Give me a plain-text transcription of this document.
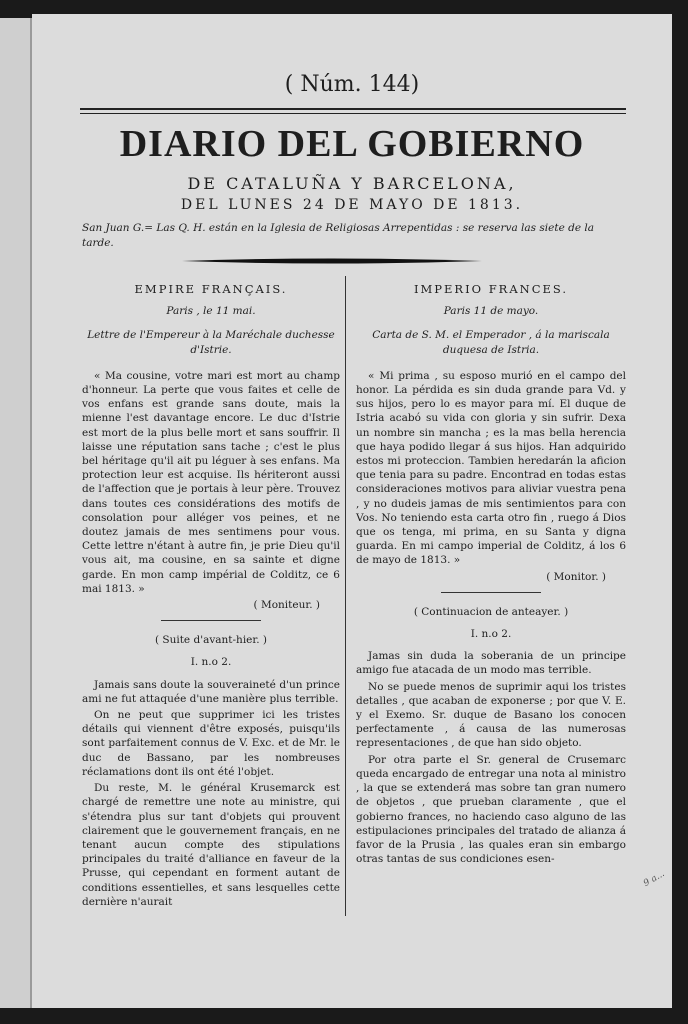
( Núm. 144)
DIARIO DEL GOBIERNO
DE CATALUÑA Y BARCELONA,
DEL LUNES 24 DE MAYO DE 1813.
San Juan G.= Las Q. H. están en la Iglesia de Religiosas Arrepentidas : se reserva las siete de la tarde.
EMPIRE FRANÇAIS.
Paris , le 11 mai.
Lettre de l'Empereur à la Maréchale duchesse d'Istrie.

« Ma cousine, votre mari est mort au champ d'honneur. La perte que vous faites et celle de vos enfans est grande sans doute, mais la mienne l'est davantage encore. Le duc d'Istrie est mort de la plus belle mort et sans souffrir. Il laisse une réputation sans tache ; c'est le plus bel héritage qu'il ait pu léguer à ses enfans. Ma protection leur est acquise. Ils hériteront aussi de l'affection que je portais à leur père. Trouvez dans toutes ces considérations des motifs de consolation pour alléger vos peines, et ne doutez jamais de mes sentimens pour vous. Cette lettre n'étant à autre fin, je prie Dieu qu'il vous ait, ma cousine, en sa sainte et digne garde. En mon camp impérial de Colditz, ce 6 mai 1813. »

( Moniteur. )
( Suite d'avant-hier. )
I. n.o 2.

Jamais sans doute la souveraineté d'un prince ami ne fut attaquée d'une manière plus terrible.

On ne peut que supprimer ici les tristes détails qui viennent d'être exposés, puisqu'ils sont parfaitement connus de V. Exc. et de Mr. le duc de Bassano, par les nombreuses réclamations dont ils ont été l'objet.

Du reste, M. le général Krusemarck est chargé de remettre une note au ministre, qui s'étendra plus sur tant d'objets qui prouvent clairement que le gouvernement français, en ne tenant aucun compte des stipulations principales du traité d'alliance en faveur de la Prusse, qui cependant en forment autant de conditions essentielles, et sans lesquelles cette dernière n'aurait

IMPERIO FRANCES.
Paris 11 de mayo.
Carta de S. M. el Emperador , á la mariscala duquesa de Istria.

« Mi prima , su esposo murió en el campo del honor. La pérdida es sin duda grande para Vd. y sus hijos, pero lo es mayor para mí. El duque de Istria acabó su vida con gloria y sin sufrir. Dexa un nombre sin mancha ; es la mas bella herencia que haya podido llegar á sus hijos. Han adquirido estos mi proteccion. Tambien heredarán la aficion que tenia para su padre. Encontrad en todas estas consideraciones motivos para aliviar vuestra pena , y no dudeis jamas de mis sentimientos para con Vos. No teniendo esta carta otro fin , ruego á Dios que os tenga, mi prima, en su Santa y digna guarda. En mi campo imperial de Colditz, á los 6 de mayo de 1813. »

( Monitor. )
( Continuacion de anteayer. )
I. n.o 2.

Jamas sin duda la soberania de un principe amigo fue atacada de un modo mas terrible.

No se puede menos de suprimir aqui los tristes detalles , que acaban de exponerse ; por que V. E. y el Exemo. Sr. duque de Basano los conocen perfectamente , á causa de las numerosas representaciones , de que han sido objeto.

Por otra parte el Sr. general de Crusemarc queda encargado de entregar una nota al ministro , la que se extenderá mas sobre tan gran numero de objetos , que prueban claramente , que el gobierno frances, no haciendo caso alguno de las estipulaciones principales del tratado de alianza á favor de la Prusia , las quales eran sin embargo otras tantas de sus condiciones esen-

9 a...
